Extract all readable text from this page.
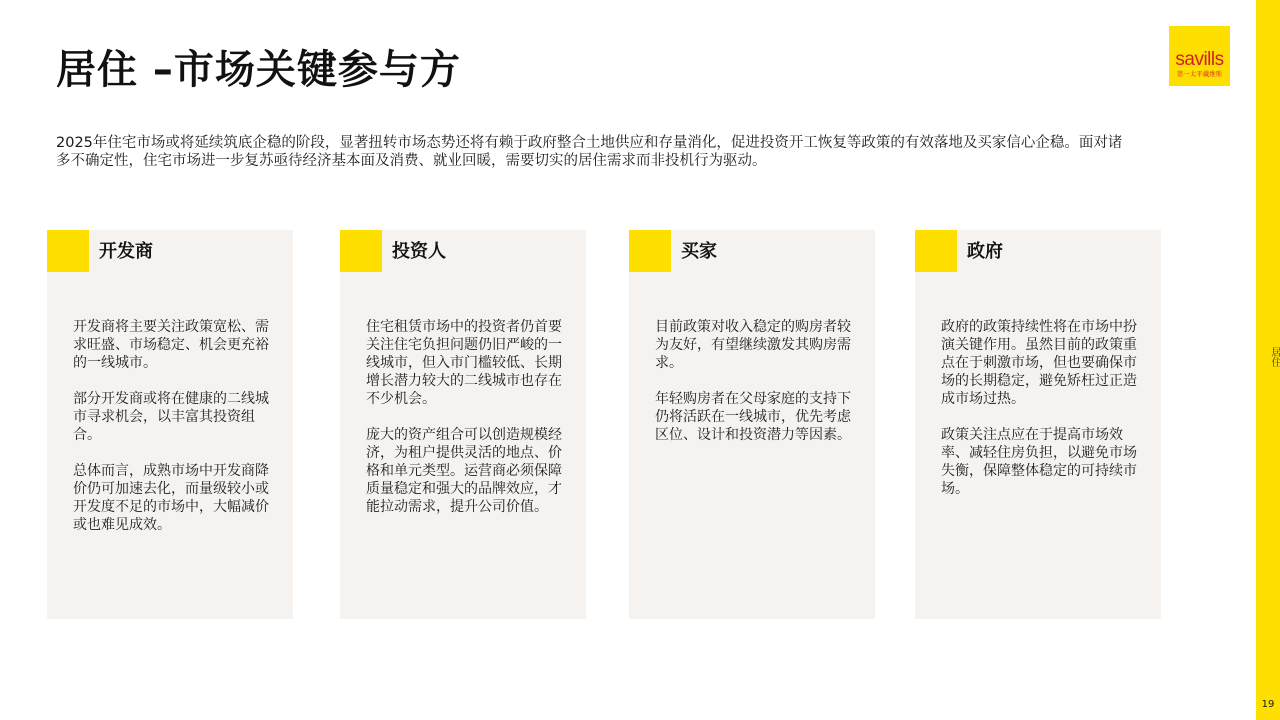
居住 –市场关键参与方
2025年住宅市场或将延续筑底企稳的阶段，显著扭转市场态势还将有赖于政府整合土地供应和存量消化，促进投资开工恢复等政策的有效落地及买家信心企稳。面对诸多不确定性，住宅市场进一步复苏亟待经济基本面及消费、就业回暖，需要切实的居住需求而非投机行为驱动。
savills
第一太平戴维斯
居住
19
开发商

开发商将主要关注政策宽松、需求旺盛、市场稳定、机会更充裕的一线城市。

部分开发商或将在健康的二线城市寻求机会，以丰富其投资组合。

总体而言，成熟市场中开发商降价仍可加速去化，而量级较小或开发度不足的市场中，大幅减价或也难见成效。

投资人

住宅租赁市场中的投资者仍首要关注住宅负担问题仍旧严峻的一线城市，但入市门槛较低、长期增长潜力较大的二线城市也存在不少机会。

庞大的资产组合可以创造规模经济，为租户提供灵活的地点、价格和单元类型。运营商必须保障质量稳定和强大的品牌效应，才能拉动需求，提升公司价值。

买家

目前政策对收入稳定的购房者较为友好，有望继续激发其购房需求。

年轻购房者在父母家庭的支持下仍将活跃在一线城市，优先考虑区位、设计和投资潜力等因素。

政府

政府的政策持续性将在市场中扮演关键作用。虽然目前的政策重点在于刺激市场，但也要确保市场的长期稳定，避免矫枉过正造成市场过热。

政策关注点应在于提高市场效率、减轻住房负担，以避免市场失衡，保障整体稳定的可持续市场。
